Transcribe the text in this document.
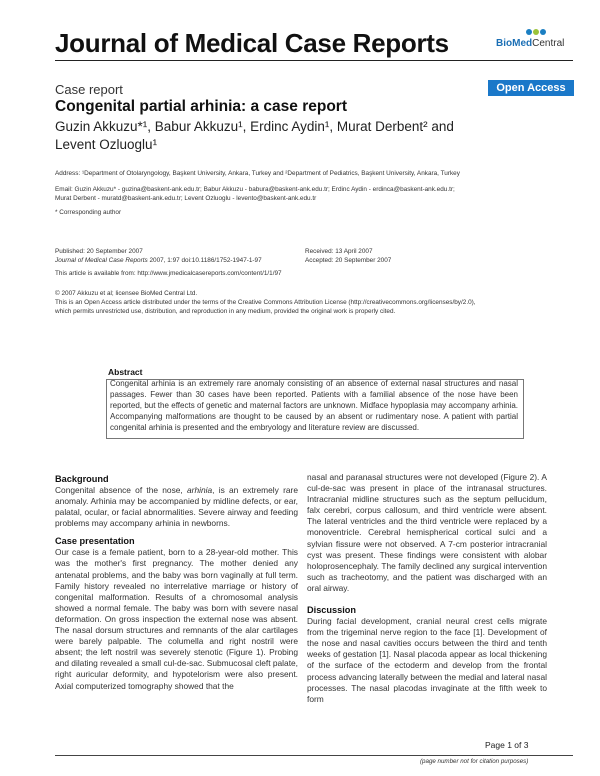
Journal of Medical Case Reports	BioMedCentral
Case report	Open Access
Congenital partial arhinia: a case report
Guzin Akkuzu*¹, Babur Akkuzu¹, Erdinc Aydin¹, Murat Derbent² and
Levent Ozluoglu¹
Address: ¹Department of Otolaryngology, Başkent University, Ankara, Turkey and ²Department of Pediatrics, Başkent University, Ankara, Turkey
Email: Guzin Akkuzu* - guzina@baskent-ank.edu.tr; Babur Akkuzu - babura@baskent-ank.edu.tr; Erdinc Aydin - erdinca@baskent-ank.edu.tr;
Murat Derbent - muratd@baskent-ank.edu.tr; Levent Ozluoglu - levento@baskent-ank.edu.tr
* Corresponding author
Published: 20 September 2007
Journal of Medical Case Reports 2007, 1:97 doi:10.1186/1752-1947-1-97
Received: 13 April 2007
Accepted: 20 September 2007
This article is available from: http://www.jmedicalcasereports.com/content/1/1/97
© 2007 Akkuzu et al; licensee BioMed Central Ltd.
This is an Open Access article distributed under the terms of the Creative Commons Attribution License (http://creativecommons.org/licenses/by/2.0),
which permits unrestricted use, distribution, and reproduction in any medium, provided the original work is properly cited.
Abstract
Congenital arhinia is an extremely rare anomaly consisting of an absence of external nasal structures and nasal passages. Fewer than 30 cases have been reported. Patients with a familial absence of the nose have been reported, but the effects of genetic and maternal factors are unknown. Midface hypoplasia may accompany arhinia. Accompanying malformations are thought to be caused by an absent or rudimentary nose. A patient with partial congenital arhinia is presented and the embryology and literature review are discussed.
Background

Congenital absence of the nose, arhinia, is an extremely rare anomaly. Arhinia may be accompanied by midline defects, or ear, palatal, ocular, or facial abnormalities. Severe airway and feeding problems may accompany arhinia in newborns.

Case presentation

Our case is a female patient, born to a 28-year-old mother. This was the mother's first pregnancy. The mother denied any antenatal problems, and the baby was born vaginally at full term. Family history revealed no interrelative marriage or history of congenital malformation. Results of a chromosomal analysis showed a normal female. The baby was born with severe nasal deformation. On gross inspection the external nose was absent. The nasal dorsum structures and remnants of the alar cartilages were barely palpable. The columella and right nostril were absent; the left nostril was severely stenotic (Figure 1). Probing and dilating revealed a small cul-de-sac. Submucosal cleft palate, right auricular deformity, and hypotelorism were also present. Axial computerized tomography showed that the

nasal and paranasal structures were not developed (Figure 2). A cul-de-sac was present in place of the intranasal structures. Intracranial midline structures such as the septum pellucidum, falx cerebri, corpus callosum, and third ventricle were absent. The lateral ventricles and the third ventricle were replaced by a monoventricle. Cerebral hemispherical cortical sulci and a sylvian fissure were not observed. A 7-cm posterior intracranial cyst was present. These findings were consistent with alobar holoprosencephaly. The family declined any surgical intervention such as tracheotomy, and the patient was discharged with an oral airway.

Discussion

During facial development, cranial neural crest cells migrate from the trigeminal nerve region to the face [1]. Development of the nose and nasal cavities occurs between the third and tenth weeks of gestation [1]. Nasal placoda appear as local thickening of the surface of the ectoderm and develop from the frontal process advancing laterally between the medial and lateral nasal processes. The nasal placodas invaginate at the fifth week to form

Page 1 of 3
(page number not for citation purposes)
